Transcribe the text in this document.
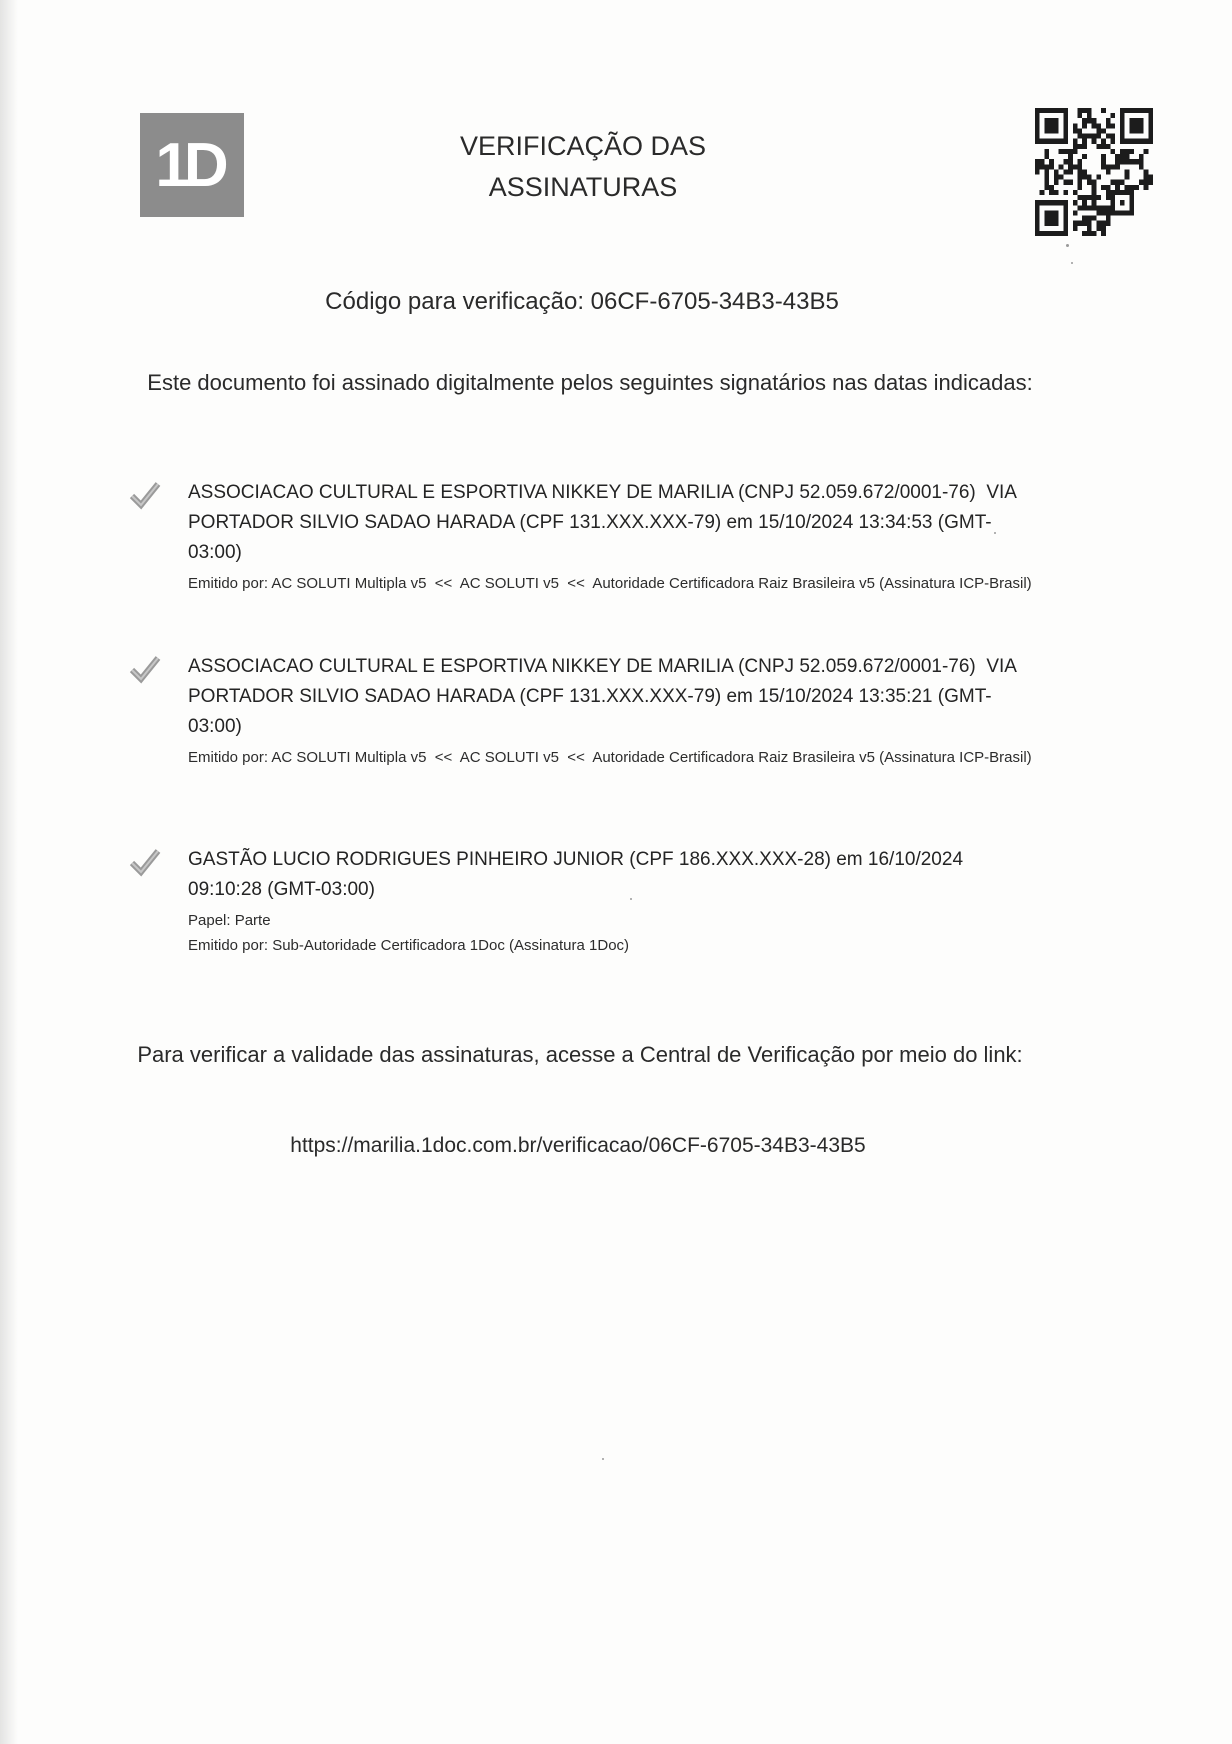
1D	VERIFICAÇÃO DAS
ASSINATURAS
Código para verificação: 06CF-6705-34B3-43B5
Este documento foi assinado digitalmente pelos seguintes signatários nas datas indicadas:
ASSOCIACAO CULTURAL E ESPORTIVA NIKKEY DE MARILIA (CNPJ 52.059.672/0001-76)  VIA PORTADOR SILVIO SADAO HARADA (CPF 131.XXX.XXX-79) em 15/10/2024 13:34:53 (GMT-03:00)
Emitido por: AC SOLUTI Multipla v5  <<  AC SOLUTI v5  <<  Autoridade Certificadora Raiz Brasileira v5 (Assinatura ICP-Brasil)
ASSOCIACAO CULTURAL E ESPORTIVA NIKKEY DE MARILIA (CNPJ 52.059.672/0001-76)  VIA PORTADOR SILVIO SADAO HARADA (CPF 131.XXX.XXX-79) em 15/10/2024 13:35:21 (GMT-03:00)
Emitido por: AC SOLUTI Multipla v5  <<  AC SOLUTI v5  <<  Autoridade Certificadora Raiz Brasileira v5 (Assinatura ICP-Brasil)
GASTÃO LUCIO RODRIGUES PINHEIRO JUNIOR (CPF 186.XXX.XXX-28) em 16/10/2024 09:10:28 (GMT-03:00)
Papel: Parte
Emitido por: Sub-Autoridade Certificadora 1Doc (Assinatura 1Doc)
Para verificar a validade das assinaturas, acesse a Central de Verificação por meio do link:
https://marilia.1doc.com.br/verificacao/06CF-6705-34B3-43B5
